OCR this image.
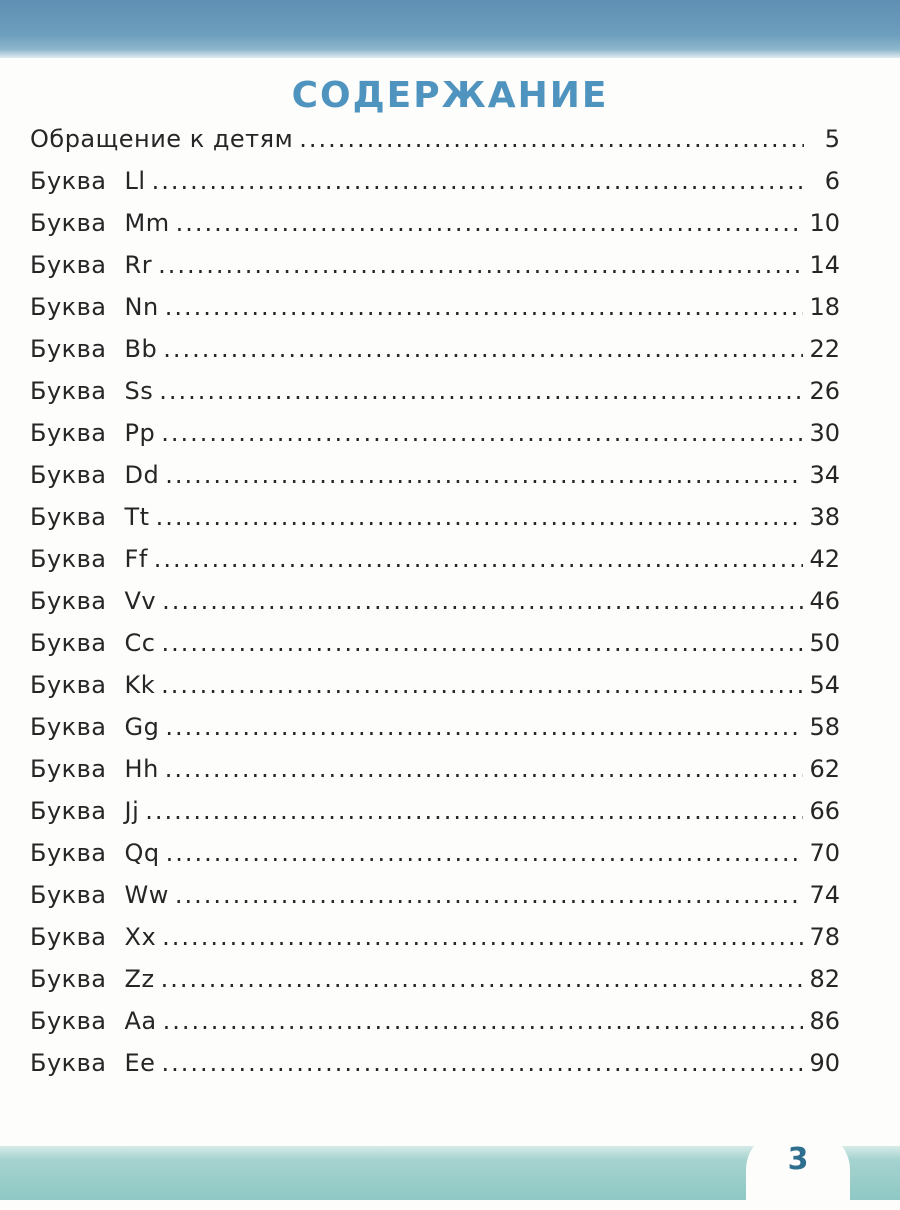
СОДЕРЖАНИЕ
Обращение к детям .....	5
Буква Ll .....	6
Буква Mm .....	10
Буква Rr .....	14
Буква Nn .....	18
Буква Bb .....	22
Буква Ss .....	26
Буква Pp .....	30
Буква Dd .....	34
Буква Tt .....	38
Буква Ff .....	42
Буква Vv .....	46
Буква Cc .....	50
Буква Kk .....	54
Буква Gg .....	58
Буква Hh .....	62
Буква Jj .....	66
Буква Qq .....	70
Буква Ww .....	74
Буква Xx .....	78
Буква Zz .....	82
Буква Aa .....	86
Буква Ee .....	90
3
